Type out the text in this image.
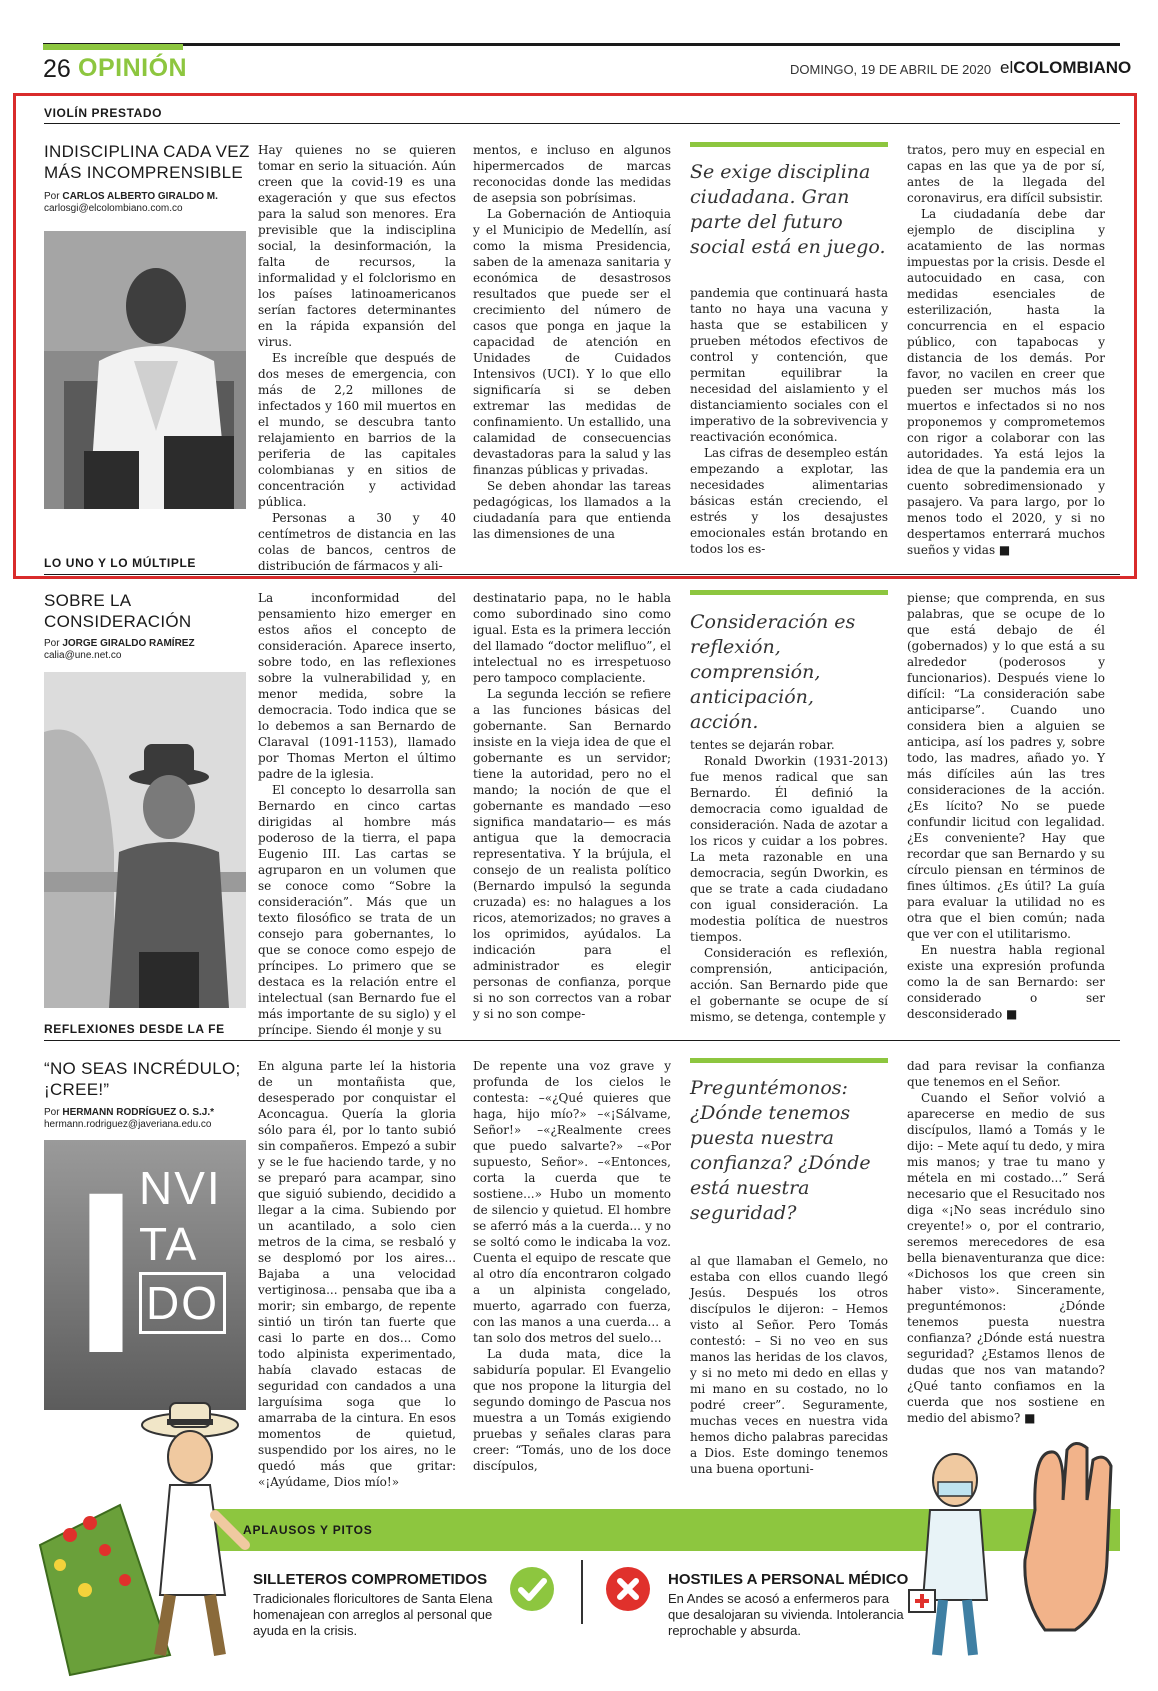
26 OPINIÓN	DOMINGO, 19 DE ABRIL DE 2020 elCOLOMBIANO
VIOLÍN PRESTADO
INDISCIPLINA CADA VEZ MÁS INCOMPRENSIBLE
Por CARLOS ALBERTO GIRALDO M.
carlosgi@elcolombiano.com.co

Hay quienes no se quieren tomar en serio la situación. Aún creen que la covid-19 es una exageración y que sus efectos para la salud son menores. Era previsible que la indisciplina social, la desinformación, la falta de recursos, la informalidad y el folclorismo en los países latinoamericanos serían factores determinantes en la rápida expansión del virus.

Es increíble que después de dos meses de emergencia, con más de 2,2 millones de infectados y 160 mil muertos en el mundo, se descubra tanto relajamiento en barrios de la periferia de las capitales colombianas y en sitios de concentración y actividad pública.

Personas a 30 y 40 centímetros de distancia en las colas de bancos, centros de distribución de fármacos y ali-

mentos, e incluso en algunos hipermercados de marcas reconocidas donde las medidas de asepsia son pobrísimas.

La Gobernación de Antioquia y el Municipio de Medellín, así como la misma Presidencia, saben de la amenaza sanitaria y económica de desastrosos resultados que puede ser el crecimiento del número de casos que ponga en jaque la capacidad de atención en Unidades de Cuidados Intensivos (UCI). Y lo que ello significaría si se deben extremar las medidas de confinamiento. Un estallido, una calamidad de consecuencias devastadoras para la salud y las finanzas públicas y privadas.

Se deben ahondar las tareas pedagógicas, los llamados a la ciudadanía para que entienda las dimensiones de una

Se exige disciplina ciudadana. Gran parte del futuro social está en juego.

pandemia que continuará hasta tanto no haya una vacuna y hasta que se estabilicen y prueben métodos efectivos de control y contención, que permitan equilibrar la necesidad del aislamiento y el distanciamiento sociales con el imperativo de la sobrevivencia y reactivación económica.

Las cifras de desempleo están empezando a explotar, las necesidades alimentarias básicas están creciendo, el estrés y los desajustes emocionales están brotando en todos los es-

tratos, pero muy en especial en capas en las que ya de por sí, antes de la llegada del coronavirus, era difícil subsistir.

La ciudadanía debe dar ejemplo de disciplina y acatamiento de las normas impuestas por la crisis. Desde el autocuidado en casa, con medidas esenciales de esterilización, hasta la concurrencia en el espacio público, con tapabocas y distancia de los demás. Por favor, no vacilen en creer que pueden ser muchos más los muertos e infectados si no nos proponemos y comprometemos con rigor a colaborar con las autoridades. Ya está lejos la idea de que la pandemia era un cuento sobredimensionado y pasajero. Va para largo, por lo menos todo el 2020, y si no despertamos enterrará muchos sueños y vidas ■

LO UNO Y LO MÚLTIPLE
SOBRE LA CONSIDERACIÓN
Por JORGE GIRALDO RAMÍREZ
calia@une.net.co

La inconformidad del pensamiento hizo emerger en estos años el concepto de consideración. Aparece inserto, sobre todo, en las reflexiones sobre la vulnerabilidad y, en menor medida, sobre la democracia. Todo indica que se lo debemos a san Bernardo de Claraval (1091-1153), llamado por Thomas Merton el último padre de la iglesia.

El concepto lo desarrolla san Bernardo en cinco cartas dirigidas al hombre más poderoso de la tierra, el papa Eugenio III. Las cartas se agruparon en un volumen que se conoce como “Sobre la consideración”. Más que un texto filosófico se trata de un consejo para gobernantes, lo que se conoce como espejo de príncipes. Lo primero que se destaca es la relación entre el intelectual (san Bernardo fue el más importante de su siglo) y el príncipe. Siendo él monje y su

destinatario papa, no le habla como subordinado sino como igual. Esta es la primera lección del llamado “doctor melifluo”, el intelectual no es irrespetuoso pero tampoco complaciente.

La segunda lección se refiere a las funciones básicas del gobernante. San Bernardo insiste en la vieja idea de que el gobernante es un servidor; tiene la autoridad, pero no el mando; la noción de que el gobernante es mandado —eso significa mandatario— es más antigua que la democracia representativa. Y la brújula, el consejo de un realista político (Bernardo impulsó la segunda cruzada) es: no halagues a los ricos, atemorizados; no graves a los oprimidos, ayúdalos. La indicación para el administrador es elegir personas de confianza, porque si no son correctos van a robar y si no son compe-

Consideración es reflexión, comprensión, anticipación, acción.

tentes se dejarán robar.

Ronald Dworkin (1931-2013) fue menos radical que san Bernardo. Él definió la democracia como igualdad de consideración. Nada de azotar a los ricos y cuidar a los pobres. La meta razonable en una democracia, según Dworkin, es que se trate a cada ciudadano con igual consideración. La modestia política de nuestros tiempos.

Consideración es reflexión, comprensión, anticipación, acción. San Bernardo pide que el gobernante se ocupe de sí mismo, se detenga, contemple y

piense; que comprenda, en sus palabras, que se ocupe de lo que está debajo de él (gobernados) y lo que está a su alrededor (poderosos y funcionarios). Después viene lo difícil: “La consideración sabe anticiparse”. Cuando uno considera bien a alguien se anticipa, así los padres y, sobre todo, las madres, añado yo. Y más difíciles aún las tres consideraciones de la acción. ¿Es lícito? No se puede confundir licitud con legalidad. ¿Es conveniente? Hay que recordar que san Bernardo y su círculo piensan en términos de fines últimos. ¿Es útil? La guía para evaluar la utilidad no es otra que el bien común; nada que ver con el utilitarismo.

En nuestra habla regional existe una expresión profunda como la de san Bernardo: ser considerado o ser desconsiderado ■

REFLEXIONES DESDE LA FE
“NO SEAS INCRÉDULO; ¡CREE!”
Por HERMANN RODRÍGUEZ O. S.J.*
hermann.rodriguez@javeriana.edu.co
I NVI
TA
DO

En alguna parte leí la historia de un montañista que, desesperado por conquistar el Aconcagua. Quería la gloria sólo para él, por lo tanto subió sin compañeros. Empezó a subir y se le fue haciendo tarde, y no se preparó para acampar, sino que siguió subiendo, decidido a llegar a la cima. Subiendo por un acantilado, a solo cien metros de la cima, se resbaló y se desplomó por los aires... Bajaba a una velocidad vertiginosa... pensaba que iba a morir; sin embargo, de repente sintió un tirón tan fuerte que casi lo parte en dos... Como todo alpinista experimentado, había clavado estacas de seguridad con candados a una larguísima soga que lo amarraba de la cintura. En esos momentos de quietud, suspendido por los aires, no le quedó más que gritar: «¡Ayúdame, Dios mío!»

De repente una voz grave y profunda de los cielos le contesta: –«¿Qué quieres que haga, hijo mío?» –«¡Sálvame, Señor!» –«¿Realmente crees que puedo salvarte?» –«Por supuesto, Señor». –«Entonces, corta la cuerda que te sostiene...» Hubo un momento de silencio y quietud. El hombre se aferró más a la cuerda... y no se soltó como le indicaba la voz. Cuenta el equipo de rescate que al otro día encontraron colgado a un alpinista congelado, muerto, agarrado con fuerza, con las manos a una cuerda... a tan solo dos metros del suelo...

La duda mata, dice la sabiduría popular. El Evangelio que nos propone la liturgia del segundo domingo de Pascua nos muestra a un Tomás exigiendo pruebas y señales claras para creer: “Tomás, uno de los doce discípulos,

Preguntémonos: ¿Dónde tenemos puesta nuestra confianza? ¿Dónde está nuestra seguridad?

al que llamaban el Gemelo, no estaba con ellos cuando llegó Jesús. Después los otros discípulos le dijeron: – Hemos visto al Señor. Pero Tomás contestó: – Si no veo en sus manos las heridas de los clavos, y si no meto mi dedo en ellas y mi mano en su costado, no lo podré creer”. Seguramente, muchas veces en nuestra vida hemos dicho palabras parecidas a Dios. Este domingo tenemos una buena oportuni-

dad para revisar la confianza que tenemos en el Señor.

Cuando el Señor volvió a aparecerse en medio de sus discípulos, llamó a Tomás y le dijo: – Mete aquí tu dedo, y mira mis manos; y trae tu mano y métela en mi costado...” Será necesario que el Resucitado nos diga «¡No seas incrédulo sino creyente!» o, por el contrario, seremos merecedores de esa bella bienaventuranza que dice: «Dichosos los que creen sin haber visto». Sinceramente, preguntémonos: ¿Dónde tenemos puesta nuestra confianza? ¿Dónde está nuestra seguridad? ¿Estamos llenos de dudas que nos van matando? ¿Qué tanto confiamos en la cuerda que nos sostiene en medio del abismo? ■

APLAUSOS Y PITOS
SILLETEROS COMPROMETIDOS
Tradicionales floricultores de Santa Elena homenajean con arreglos al personal que ayuda en la crisis.
HOSTILES A PERSONAL MÉDICO
En Andes se acosó a enfermeros para que desalojaran su vivienda. Intolerancia reprochable y absurda.
